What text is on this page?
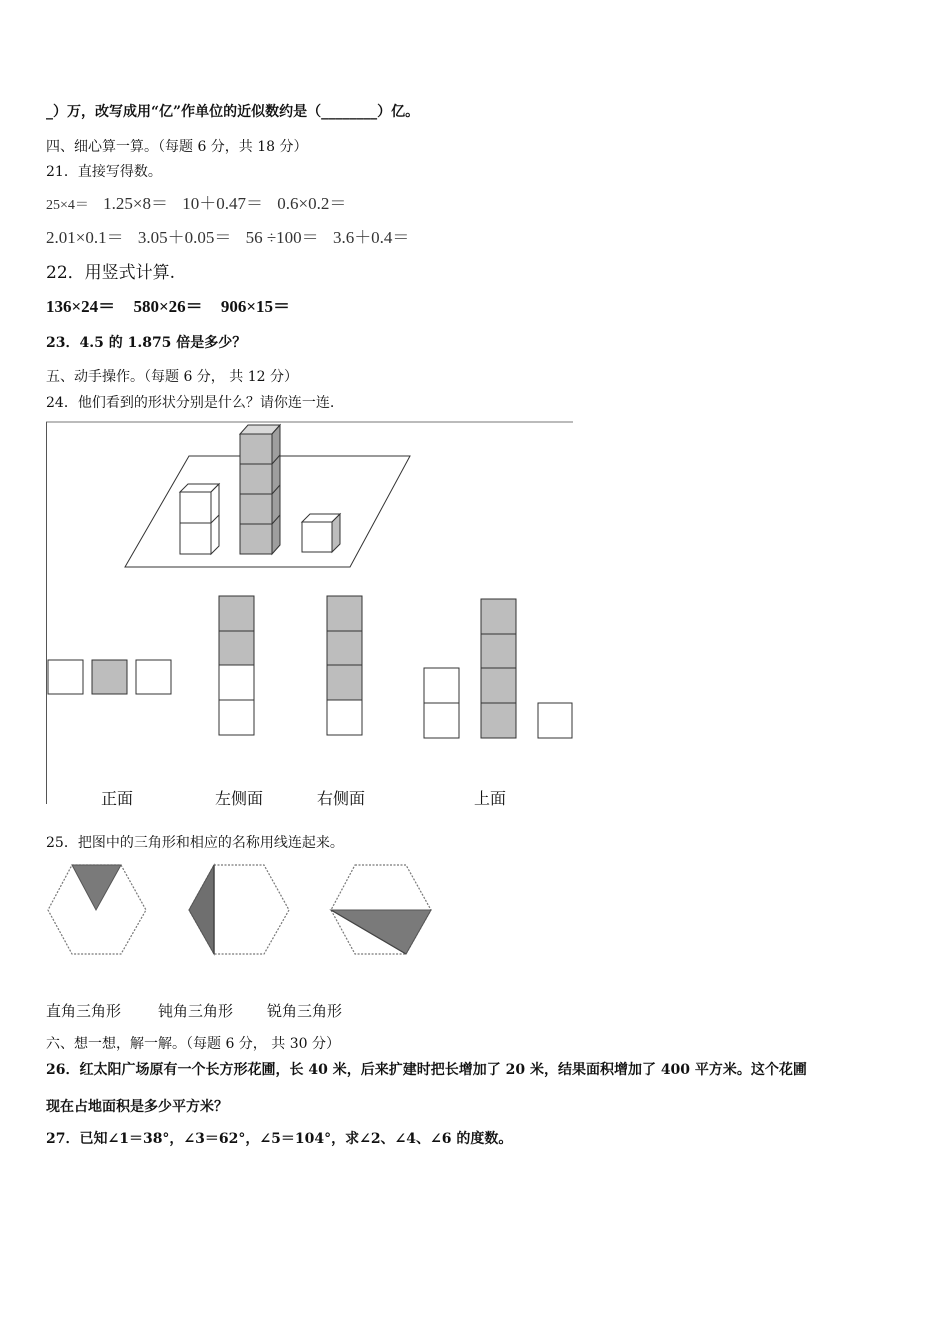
_）万，改写成用“亿”作单位的近似数约是（________）亿。
四、细心算一算。（每题 6 分，共 18 分）
21．直接写得数。
25×4＝ 1.25×8＝ 10＋0.47＝ 0.6×0.2＝
2.01×0.1＝ 3.05＋0.05＝ 56 ÷100＝ 3.6＋0.4＝
22．用竖式计算.
136×24＝ 580×26＝ 906×15＝
23．4.5 的 1.875 倍是多少？
五、动手操作。（每题 6 分， 共 12 分）
24．他们看到的形状分别是什么？请你连一连.
正面	左侧面	右侧面	上面
25．把图中的三角形和相应的名称用线连起来。
直角三角形 钝角三角形 锐角三角形
六、想一想，解一解。（每题 6 分， 共 30 分）
26．红太阳广场原有一个长方形花圃，长 40 米，后来扩建时把长增加了 20 米，结果面积增加了 400 平方米。这个花圃
现在占地面积是多少平方米？
27．已知∠1＝38°，∠3＝62°，∠5＝104°，求∠2、∠4、∠6 的度数。
